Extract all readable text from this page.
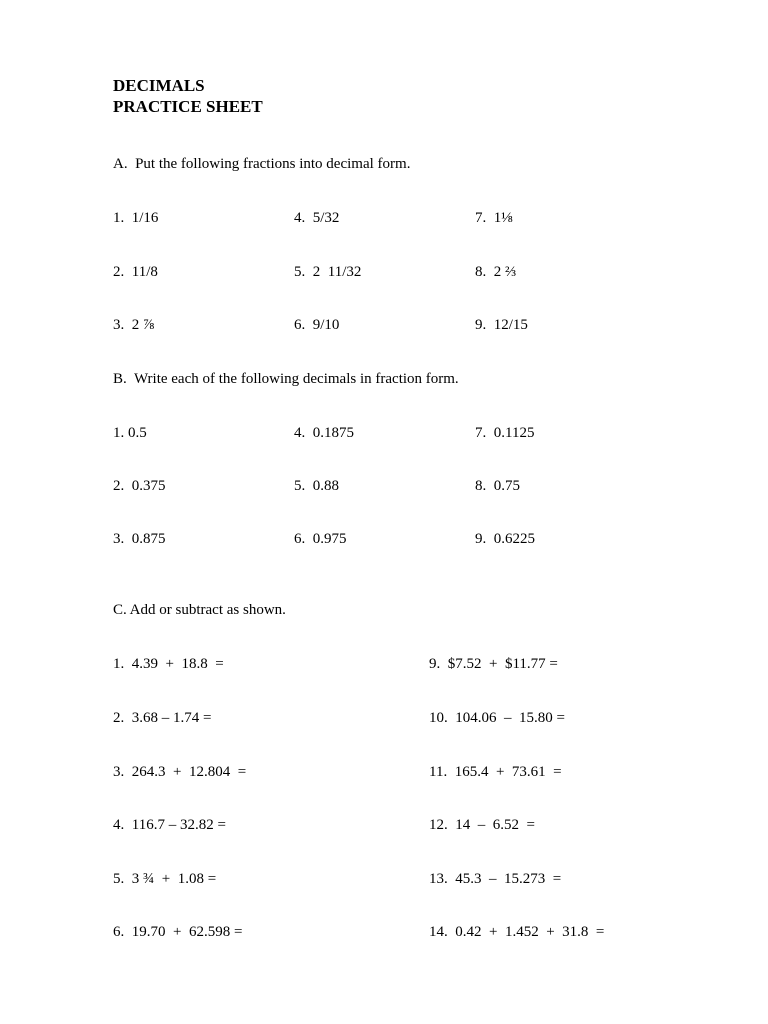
DECIMALS
PRACTICE SHEET
A.  Put the following fractions into decimal form.
1.  1/16	4.  5/32	7.  1⅛
2.  11/8	5.  2  11/32	8.  2 ⅔
3.  2 ⅞	6.  9/10	9.  12/15
B.  Write each of the following decimals in fraction form.
1. 0.5	4.  0.1875	7.  0.1125
2.  0.375	5.  0.88	8.  0.75
3.  0.875	6.  0.975	9.  0.6225
C. Add or subtract as shown.
1.  4.39  +  18.8  =	9.  $7.52  +  $11.77 =
2.  3.68 – 1.74 =	10.  104.06  –  15.80 =
3.  264.3  +  12.804  =	11.  165.4  +  73.61  =
4.  116.7 – 32.82 =	12.  14  –  6.52  =
5.  3 ¾  +  1.08 =	13.  45.3  –  15.273  =
6.  19.70  +  62.598 =	14.  0.42  +  1.452  +  31.8  =
